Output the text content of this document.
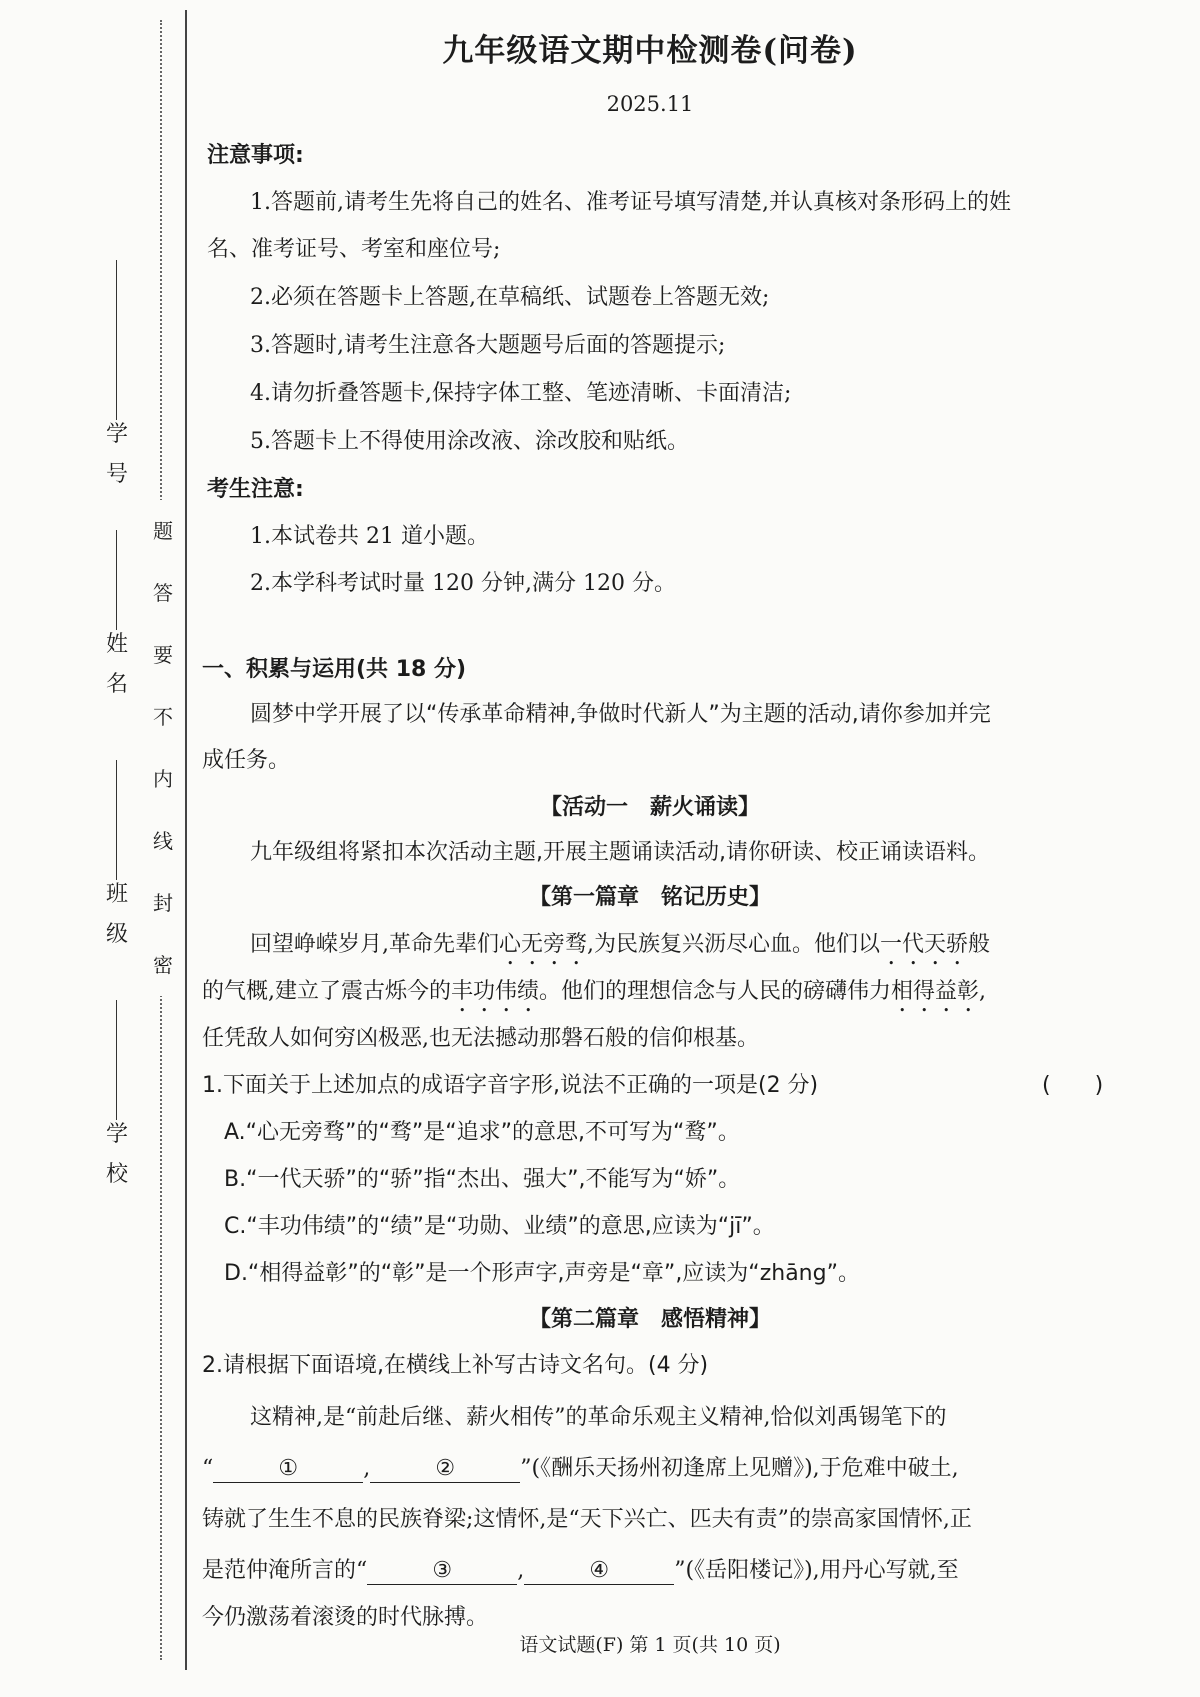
学
号
姓
名
班
级
学
校
题
答
要
不
内
线
封
密
九年级语文期中检测卷(问卷)
2025.11
注意事项:
1.答题前,请考生先将自己的姓名、准考证号填写清楚,并认真核对条形码上的姓
名、准考证号、考室和座位号;
2.必须在答题卡上答题,在草稿纸、试题卷上答题无效;
3.答题时,请考生注意各大题题号后面的答题提示;
4.请勿折叠答题卡,保持字体工整、笔迹清晰、卡面清洁;
5.答题卡上不得使用涂改液、涂改胶和贴纸。
考生注意:
1.本试卷共 21 道小题。
2.本学科考试时量 120 分钟,满分 120 分。
一、积累与运用(共 18 分)
圆梦中学开展了以“传承革命精神,争做时代新人”为主题的活动,请你参加并完
成任务。
【活动一　薪火诵读】
九年级组将紧扣本次活动主题,开展主题诵读活动,请你研读、校正诵读语料。
【第一篇章　铭记历史】
回望峥嵘岁月,革命先辈们心无旁骛,为民族复兴沥尽心血。他们以一代天骄般
的气概,建立了震古烁今的丰功伟绩。他们的理想信念与人民的磅礴伟力相得益彰,
任凭敌人如何穷凶极恶,也无法撼动那磐石般的信仰根基。
1.下面关于上述加点的成语字音字形,说法不正确的一项是(2 分)	(　　)
A.“心无旁骛”的“骛”是“追求”的意思,不可写为“鹜”。
B.“一代天骄”的“骄”指“杰出、强大”,不能写为“娇”。
C.“丰功伟绩”的“绩”是“功勋、业绩”的意思,应读为“jī”。
D.“相得益彰”的“彰”是一个形声字,声旁是“章”,应读为“zhāng”。
【第二篇章　感悟精神】
2.请根据下面语境,在横线上补写古诗文名句。(4 分)
这精神,是“前赴后继、薪火相传”的革命乐观主义精神,恰似刘禹锡笔下的
“	①	,	②	”(《酬乐天扬州初逢席上见赠》),于危难中破土,
铸就了生生不息的民族脊梁;这情怀,是“天下兴亡、匹夫有责”的崇高家国情怀,正
是范仲淹所言的“	③	,	④	”(《岳阳楼记》),用丹心写就,至
今仍激荡着滚烫的时代脉搏。
语文试题(F) 第 1 页(共 10 页)
